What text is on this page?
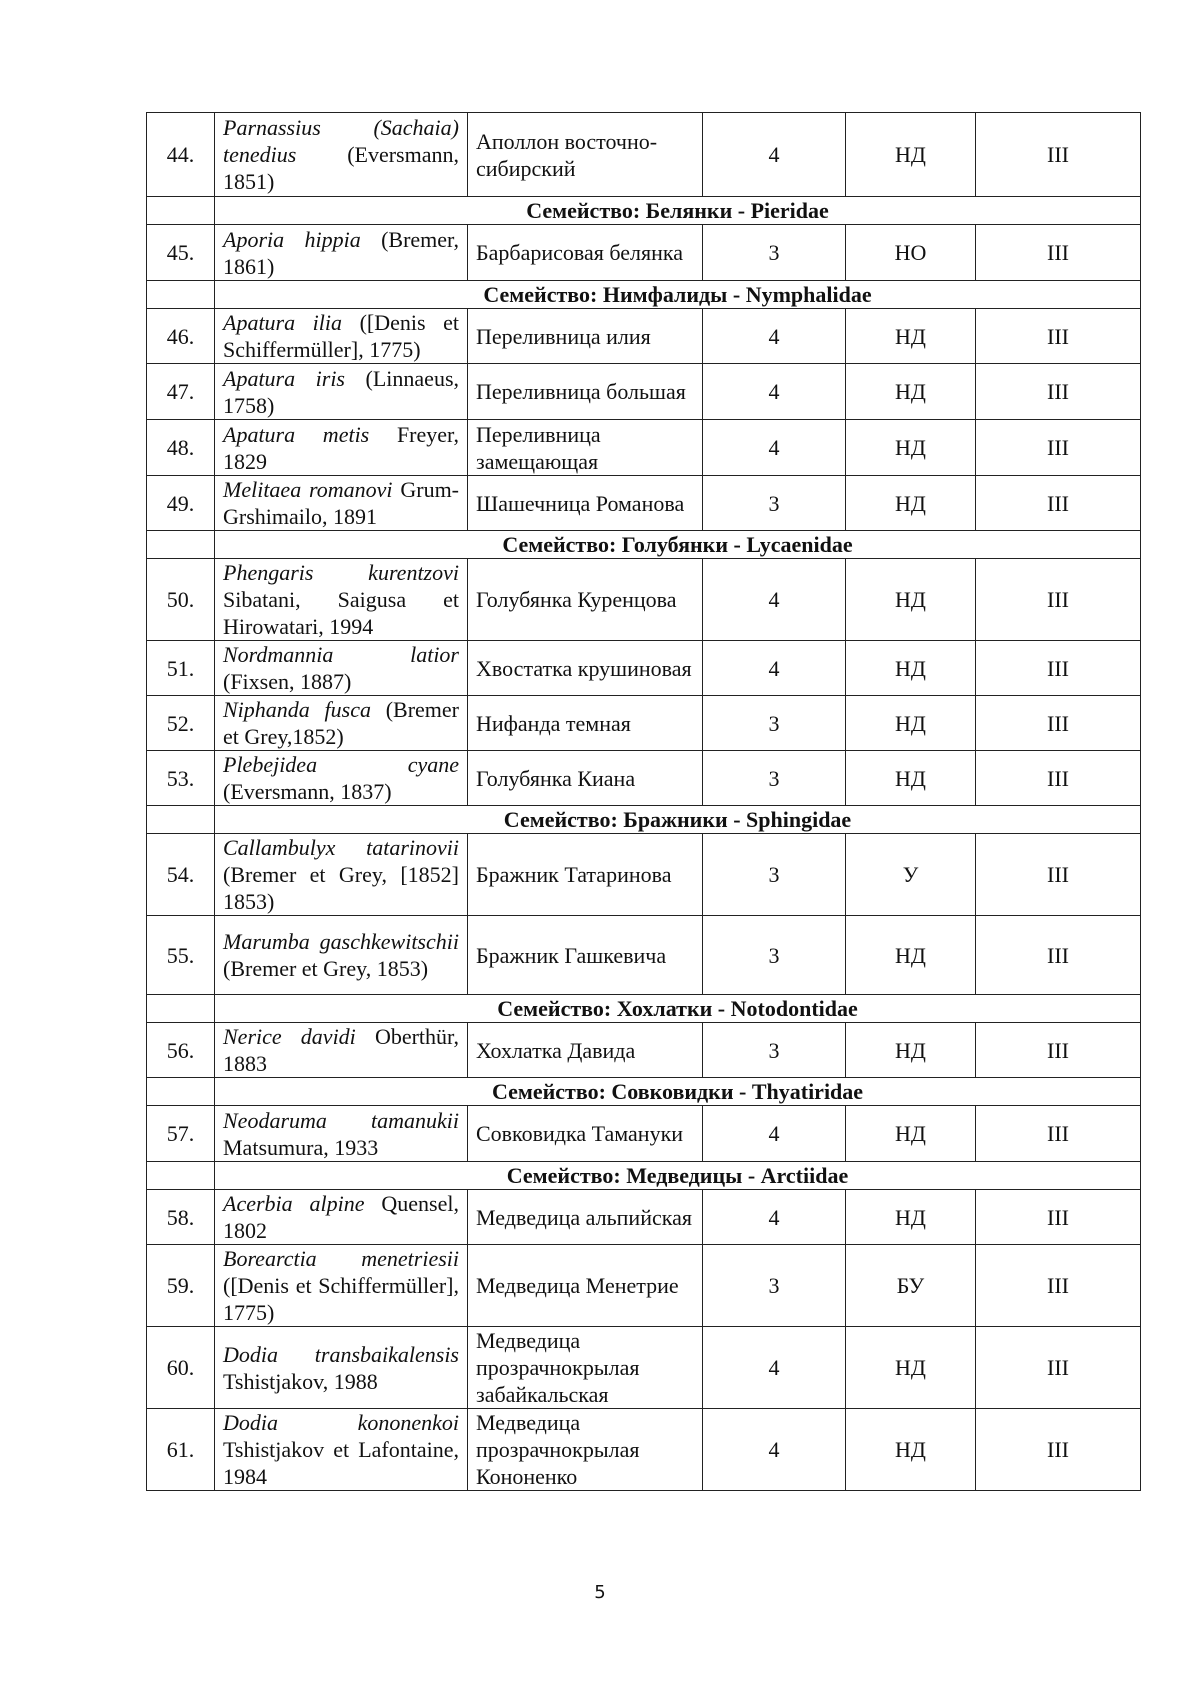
44.	Parnassius (Sachaia) tenedius (Eversmann, 1851)	Аполлон восточно-сибирский	4	НД	III
	Семейство: Белянки - Pieridae				
45.	Aporia hippia (Bremer, 1861)	Барбарисовая белянка	3	НО	III
	Семейство: Нимфалиды - Nymphalidae				
46.	Apatura ilia ([Denis et Schiffermüller], 1775)	Переливница илия	4	НД	III
47.	Apatura iris (Linnaeus, 1758)	Переливница большая	4	НД	III
48.	Apatura metis Freyer, 1829	Переливница замещающая	4	НД	III
49.	Melitaea romanovi Grum-Grshimailo, 1891	Шашечница Романова	3	НД	III
	Семейство: Голубянки - Lycaenidae				
50.	Phengaris kurentzovi Sibatani, Saigusa et Hirowatari, 1994	Голубянка Куренцова	4	НД	III
51.	Nordmannia latior (Fixsen, 1887)	Хвостатка крушиновая	4	НД	III
52.	Niphanda fusca (Bremer et Grey,1852)	Нифанда темная	3	НД	III
53.	Plebejidea cyane (Eversmann, 1837)	Голубянка Киана	3	НД	III
	Семейство: Бражники - Sphingidae				
54.	Callambulyx tatarinovii (Bremer et Grey, [1852] 1853)	Бражник Татаринова	3	У	III
55.	Marumba gaschkewitschii (Bremer et Grey, 1853)	Бражник Гашкевича	3	НД	III
	Семейство: Хохлатки - Notodontidae				
56.	Nerice davidi Oberthür, 1883	Хохлатка Давида	3	НД	III
	Семейство: Совковидки - Thyatiridae				
57.	Neodaruma tamanukii Matsumura, 1933	Совковидка Тамануки	4	НД	III
	Семейство: Медведицы - Arctiidae				
58.	Acerbia alpine Quensel, 1802	Медведица альпийская	4	НД	III
59.	Borearctia menetriesii ([Denis et Schiffermüller], 1775)	Медведица Менетрие	3	БУ	III
60.	Dodia transbaikalensis Tshistjakov, 1988	Медведица прозрачнокрылая забайкальская	4	НД	III
61.	Dodia kononenkoi Tshistjakov et Lafontaine, 1984	Медведица прозрачнокрылая Кононенко	4	НД	III
5
